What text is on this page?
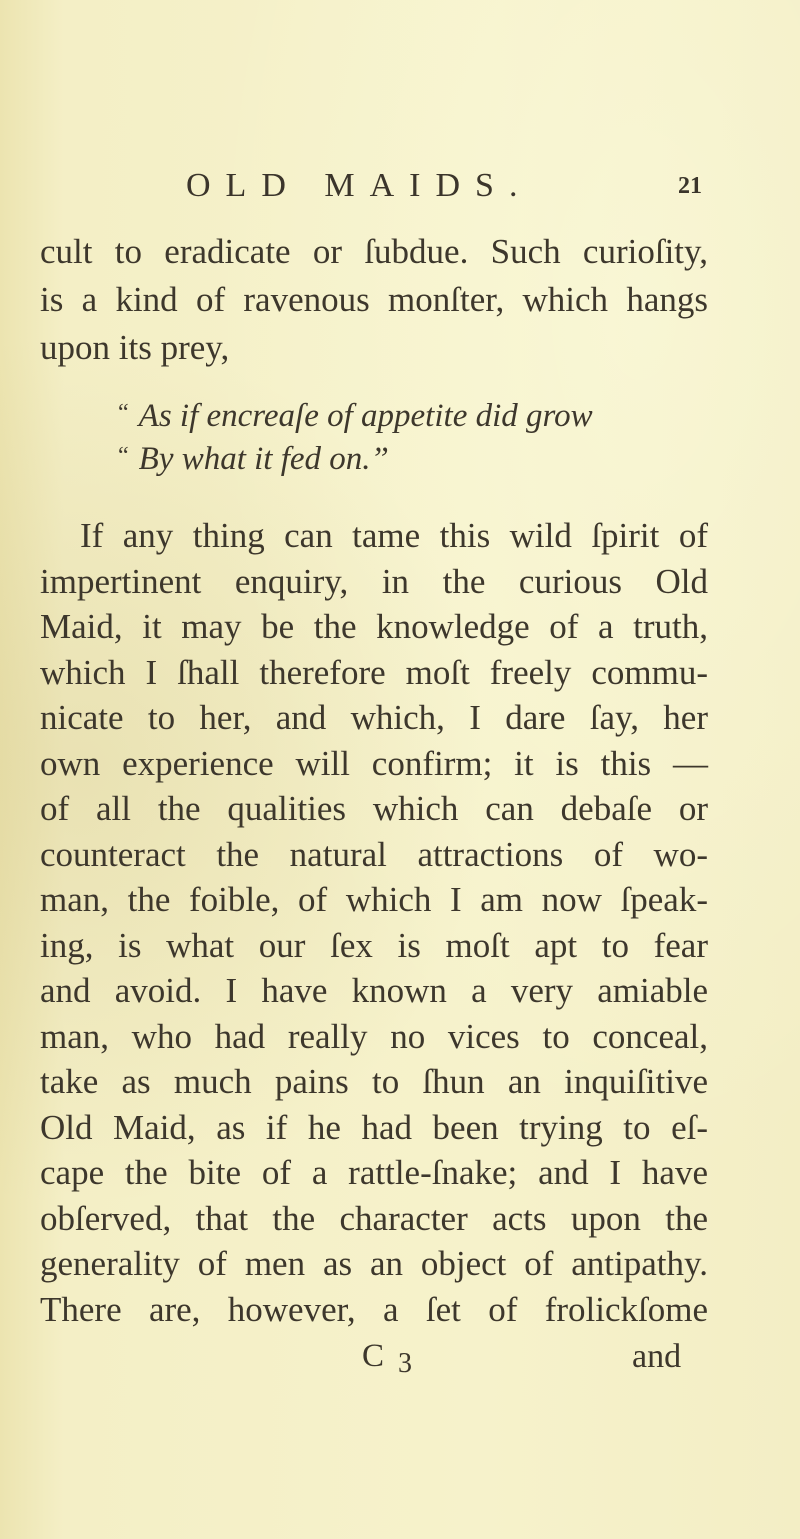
OLD MAIDS.	21
cult to eradicate or ſubdue. Such curioſity,
is a kind of ravenous monſter, which hangs
upon its prey,
“ As if encreaſe of appetite did grow
“ By what it fed on.”
If any thing can tame this wild ſpirit of
impertinent enquiry, in the curious Old
Maid, it may be the knowledge of a truth,
which I ſhall therefore moſt freely commu-
nicate to her, and which, I dare ſay, her
own experience will confirm; it is this —
of all the qualities which can debaſe or
counteract the natural attractions of wo-
man, the foible, of which I am now ſpeak-
ing, is what our ſex is moſt apt to fear
and avoid. I have known a very amiable
man, who had really no vices to conceal,
take as much pains to ſhun an inquiſitive
Old Maid, as if he had been trying to eſ-
cape the bite of a rattle-ſnake; and I have
obſerved, that the character acts upon the
generality of men as an object of antipathy.
There are, however, a ſet of frolickſome
C 3	and
